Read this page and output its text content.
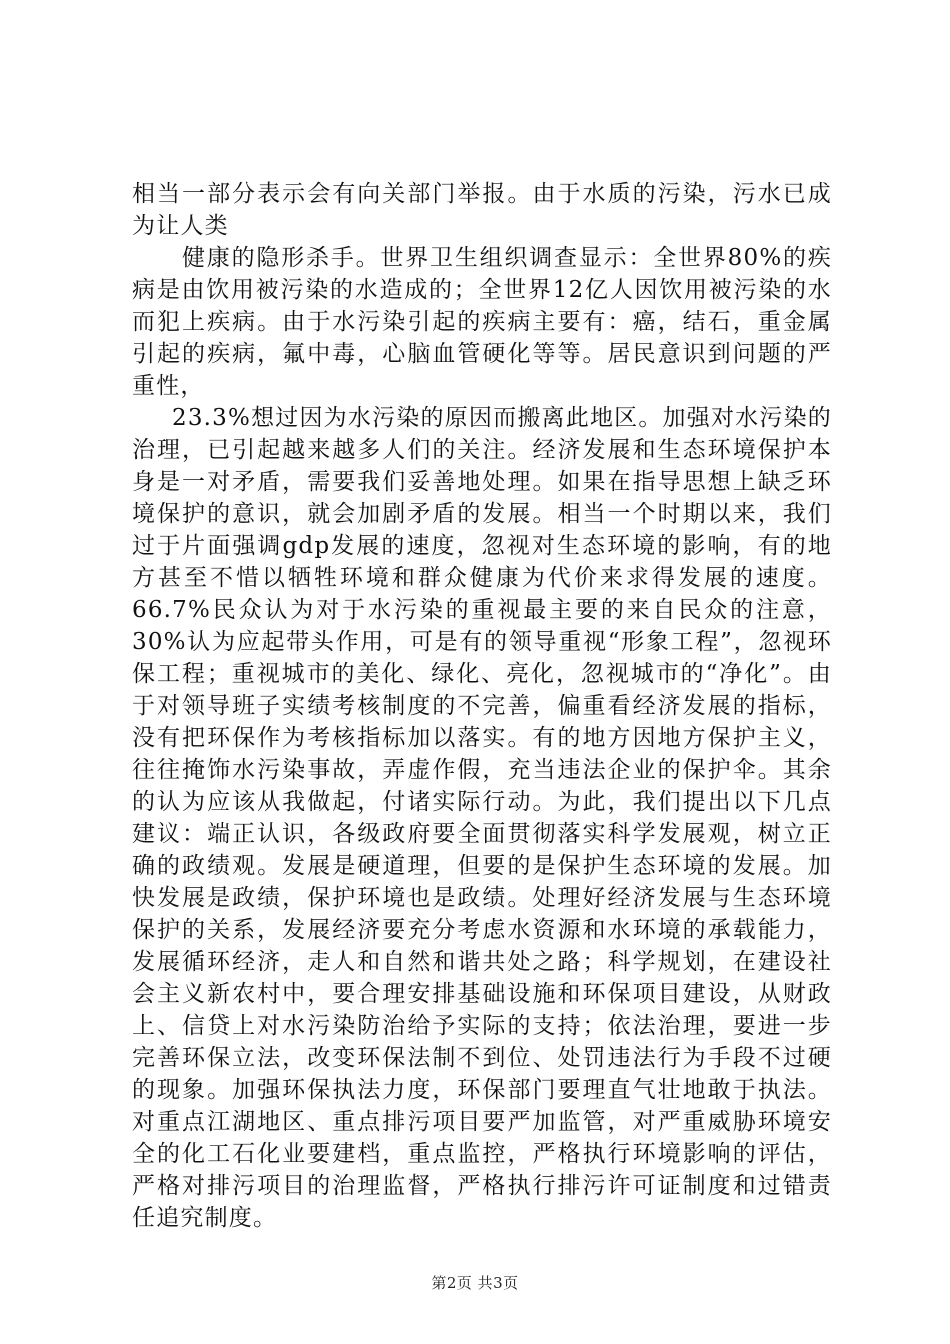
相当一部分表示会有向关部门举报。由于水质的污染，污水已成为让人类

健康的隐形杀手。世界卫生组织调查显示：全世界80%的疾病是由饮用被污染的水造成的；全世界12亿人因饮用被污染的水而犯上疾病。由于水污染引起的疾病主要有：癌，结石，重金属引起的疾病，氟中毒，心脑血管硬化等等。居民意识到问题的严重性，

23.3%想过因为水污染的原因而搬离此地区。加强对水污染的治理，已引起越来越多人们的关注。经济发展和生态环境保护本身是一对矛盾，需要我们妥善地处理。如果在指导思想上缺乏环境保护的意识，就会加剧矛盾的发展。相当一个时期以来，我们过于片面强调gdp发展的速度，忽视对生态环境的影响，有的地方甚至不惜以牺牲环境和群众健康为代价来求得发展的速度。66.7%民众认为对于水污染的重视最主要的来自民众的注意，30%认为应起带头作用，可是有的领导重视“形象工程”，忽视环保工程；重视城市的美化、绿化、亮化，忽视城市的“净化”。由于对领导班子实绩考核制度的不完善，偏重看经济发展的指标，没有把环保作为考核指标加以落实。有的地方因地方保护主义，往往掩饰水污染事故，弄虚作假，充当违法企业的保护伞。其余的认为应该从我做起，付诸实际行动。为此，我们提出以下几点建议：端正认识，各级政府要全面贯彻落实科学发展观，树立正确的政绩观。发展是硬道理，但要的是保护生态环境的发展。加快发展是政绩，保护环境也是政绩。处理好经济发展与生态环境保护的关系，发展经济要充分考虑水资源和水环境的承载能力，发展循环经济，走人和自然和谐共处之路；科学规划，在建设社会主义新农村中，要合理安排基础设施和环保项目建设，从财政上、信贷上对水污染防治给予实际的支持；依法治理，要进一步完善环保立法，改变环保法制不到位、处罚违法行为手段不过硬的现象。加强环保执法力度，环保部门要理直气壮地敢于执法。对重点江湖地区、重点排污项目要严加监管，对严重威胁环境安全的化工石化业要建档，重点监控，严格执行环境影响的评估，严格对排污项目的治理监督，严格执行排污许可证制度和过错责任追究制度。

第2页 共3页
